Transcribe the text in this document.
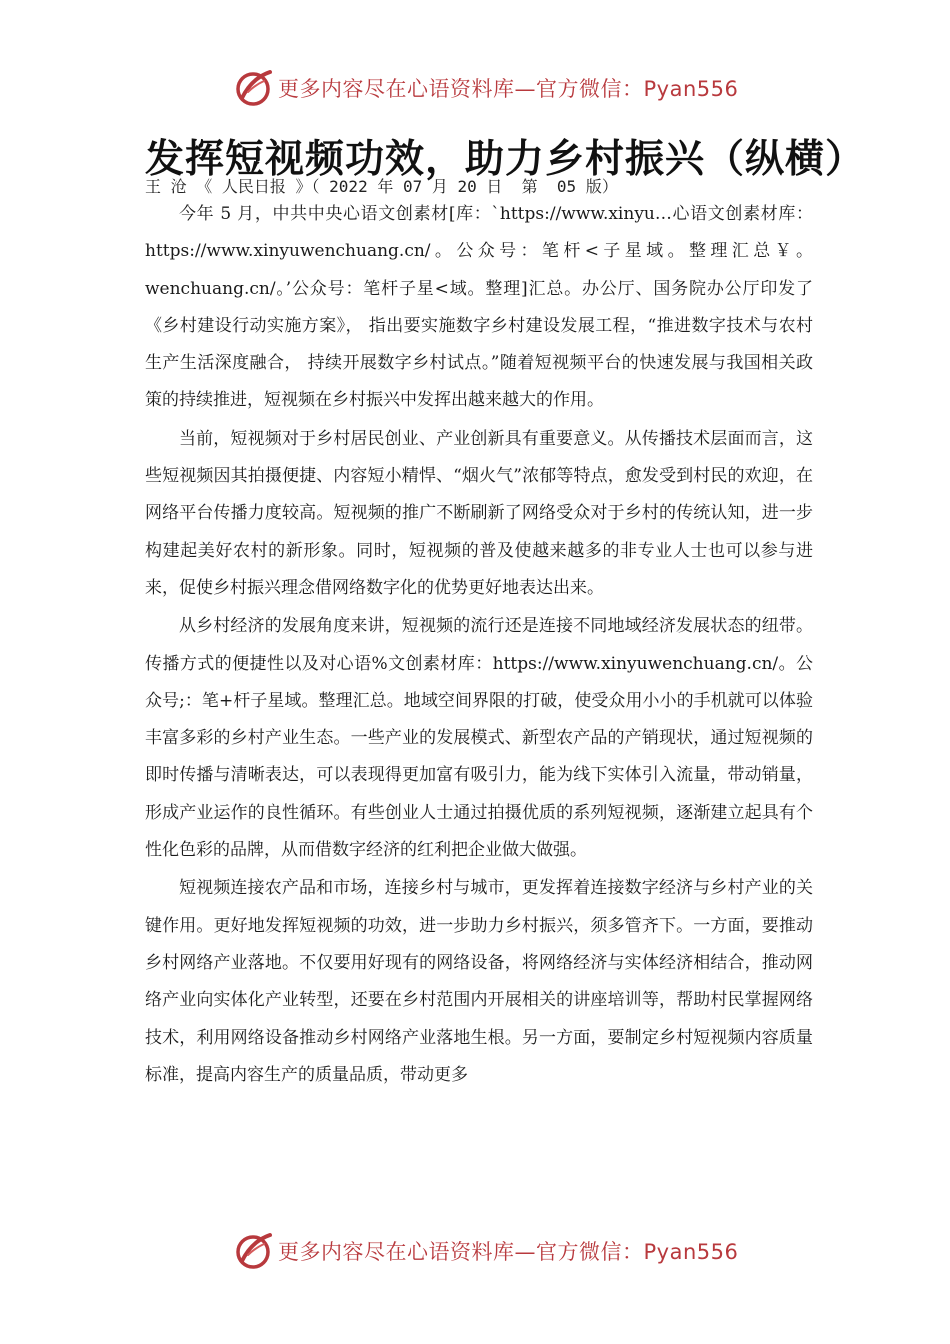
更多内容尽在心语资料库—官方微信：Pyan556
发挥短视频功效，助力乡村振兴（纵横）
王 沧 《 人民日报 》（ 2022 年 07 月 20 日  第  05 版）

今年 5 月，中共中央心语文创素材[库：`https://www.xinyu…心语文创素材库：https://www.xinyuwenchuang.cn/。公众号：笔杆<子星域。整理汇总￥。wenchuang.cn/。’公众号：笔杆子星<域。整理]汇总。办公厅、国务院办公厅印发了《乡村建设行动实施方案》， 指出要实施数字乡村建设发展工程，“推进数字技术与农村生产生活深度融合， 持续开展数字乡村试点。”随着短视频平台的快速发展与我国相关政策的持续推进，短视频在乡村振兴中发挥出越来越大的作用。

当前，短视频对于乡村居民创业、产业创新具有重要意义。从传播技术层面而言，这些短视频因其拍摄便捷、内容短小精悍、“烟火气”浓郁等特点，愈发受到村民的欢迎，在网络平台传播力度较高。短视频的推广不断刷新了网络受众对于乡村的传统认知，进一步构建起美好农村的新形象。同时，短视频的普及使越来越多的非专业人士也可以参与进来，促使乡村振兴理念借网络数字化的优势更好地表达出来。

从乡村经济的发展角度来讲，短视频的流行还是连接不同地域经济发展状态的纽带。传播方式的便捷性以及对心语%文创素材库：https://www.xinyuwenchuang.cn/。公众号;：笔+杆子星域。整理汇总。地域空间界限的打破，使受众用小小的手机就可以体验丰富多彩的乡村产业生态。一些产业的发展模式、新型农产品的产销现状，通过短视频的即时传播与清晰表达，可以表现得更加富有吸引力，能为线下实体引入流量，带动销量，形成产业运作的良性循环。有些创业人士通过拍摄优质的系列短视频，逐渐建立起具有个性化色彩的品牌，从而借数字经济的红利把企业做大做强。

短视频连接农产品和市场，连接乡村与城市，更发挥着连接数字经济与乡村产业的关键作用。更好地发挥短视频的功效，进一步助力乡村振兴，须多管齐下。一方面，要推动乡村网络产业落地。不仅要用好现有的网络设备，将网络经济与实体经济相结合，推动网络产业向实体化产业转型，还要在乡村范围内开展相关的讲座培训等，帮助村民掌握网络技术，利用网络设备推动乡村网络产业落地生根。另一方面，要制定乡村短视频内容质量标准，提高内容生产的质量品质，带动更多

更多内容尽在心语资料库—官方微信：Pyan556
